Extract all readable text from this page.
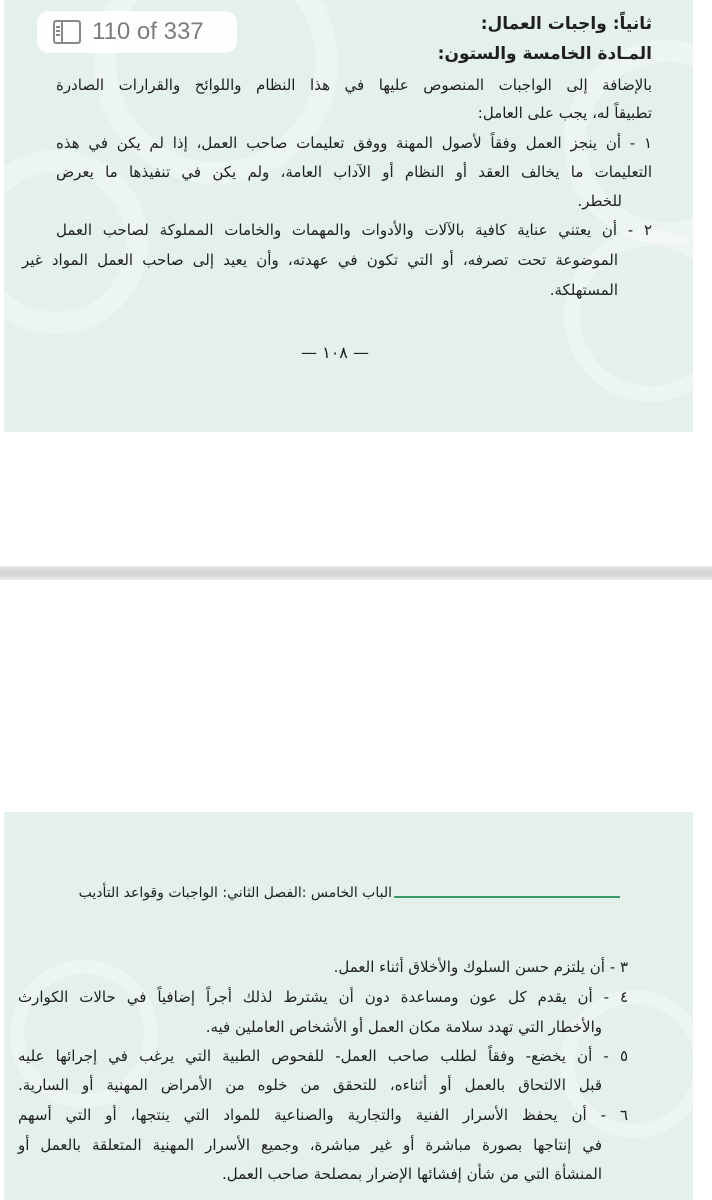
110 of 337	ثانياً: واجبات العمال:
المـادة الخامسة والستون:
بالإضافة إلى الواجبات المنصوص عليها في هذا النظام واللوائح والقرارات الصادرة
تطبيقاً له، يجب على العامل:
١ - أن ينجز العمل وفقاً لأصول المهنة ووفق تعليمات صاحب العمل، إذا لم يكن في هذه
التعليمات ما يخالف العقد أو النظام أو الآداب العامة، ولم يكن في تنفيذها ما يعرض
للخطر.
٢ - أن يعتني عناية كافية بالآلات والأدوات والمهمات والخامات المملوكة لصاحب العمل
الموضوعة تحت تصرفه، أو التي تكون في عهدته، وأن يعيد إلى صاحب العمل المواد غير
المستهلكة.
— ١٠٨ —
الباب الخامس :الفصل الثاني: الواجبات وقواعد التأديب
٣ - أن يلتزم حسن السلوك والأخلاق أثناء العمل.
٤ - أن يقدم كل عون ومساعدة دون أن يشترط لذلك أجراً إضافياً في حالات الكوارث
والأخطار التي تهدد سلامة مكان العمل أو الأشخاص العاملين فيه.
٥ - أن يخضع- وفقاً لطلب صاحب العمل- للفحوص الطبية التي يرغب في إجرائها عليه
قبل الالتحاق بالعمل أو أثناءه، للتحقق من خلوه من الأمراض المهنية أو السارية.
٦ - أن يحفظ الأسرار الفنية والتجارية والصناعية للمواد التي ينتجها، أو التي أسهم
في إنتاجها بصورة مباشرة أو غير مباشرة، وجميع الأسرار المهنية المتعلقة بالعمل أو
المنشأة التي من شأن إفشائها الإضرار بمصلحة صاحب العمل.
